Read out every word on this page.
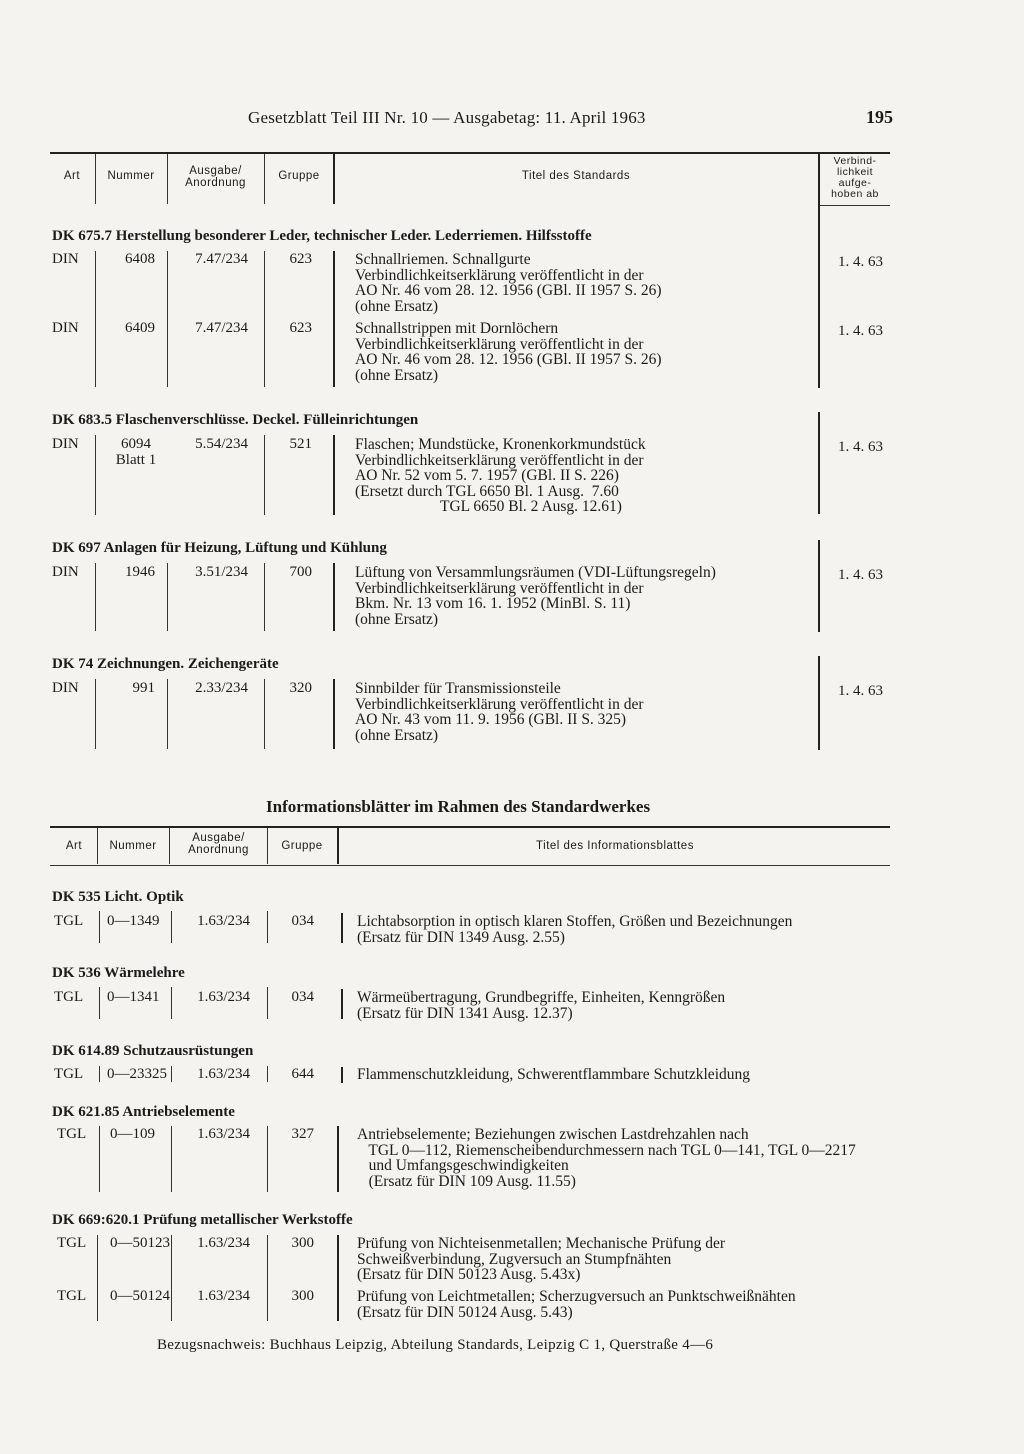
Gesetzblatt Teil III Nr. 10 — Ausgabetag: 11. April 1963	195
Art	Nummer	Ausgabe/
Anordnung
Gruppe	Titel des Standards
Verbind-
lichkeit
aufge-
hoben ab
DK 675.7 Herstellung besonderer Leder, technischer Leder. Lederriemen. Hilfsstoffe
DIN	6408	7.47/234	623	Schnallriemen. Schnallgurte
Verbindlichkeitserklärung veröffentlicht in der
AO Nr. 46 vom 28. 12. 1956 (GBl. II 1957 S. 26)
(ohne Ersatz)
1. 4. 63
DIN	6409	7.47/234	623	Schnallstrippen mit Dornlöchern
Verbindlichkeitserklärung veröffentlicht in der
AO Nr. 46 vom 28. 12. 1956 (GBl. II 1957 S. 26)
(ohne Ersatz)
1. 4. 63
DK 683.5 Flaschenverschlüsse. Deckel. Fülleinrichtungen
DIN	6094
Blatt 1
5.54/234	521	Flaschen; Mundstücke, Kronenkorkmundstück
Verbindlichkeitserklärung veröffentlicht in der
AO Nr. 52 vom 5. 7. 1957 (GBl. II S. 226)
(Ersetzt durch TGL 6650 Bl. 1 Ausg.  7.60
TGL 6650 Bl. 2 Ausg. 12.61)
1. 4. 63
DK 697 Anlagen für Heizung, Lüftung und Kühlung
DIN	1946	3.51/234	700	Lüftung von Versammlungsräumen (VDI-Lüftungsregeln)
Verbindlichkeitserklärung veröffentlicht in der
Bkm. Nr. 13 vom 16. 1. 1952 (MinBl. S. 11)
(ohne Ersatz)
1. 4. 63
DK 74 Zeichnungen. Zeichengeräte
DIN	991	2.33/234	320	Sinnbilder für Transmissionsteile
Verbindlichkeitserklärung veröffentlicht in der
AO Nr. 43 vom 11. 9. 1956 (GBl. II S. 325)
(ohne Ersatz)
1. 4. 63
Informationsblätter im Rahmen des Standardwerkes
Art	Nummer
Ausgabe/
Anordnung	Gruppe	Titel des Informationsblattes
DK 535 Licht. Optik
TGL 0—1349	1.63/234	034	Lichtabsorption in optisch klaren Stoffen, Größen und Bezeichnungen
(Ersatz für DIN 1349 Ausg. 2.55)
DK 536 Wärmelehre
TGL 0—1341	1.63/234	034	Wärmeübertragung, Grundbegriffe, Einheiten, Kenngrößen
(Ersatz für DIN 1341 Ausg. 12.37)
DK 614.89 Schutzausrüstungen
TGL 0—23325	1.63/234	644	Flammenschutzkleidung, Schwerentflammbare Schutzkleidung
DK 621.85 Antriebselemente
TGL 0—109	1.63/234	327	Antriebselemente; Beziehungen zwischen Lastdrehzahlen nach
TGL 0—112, Riemenscheibendurchmessern nach TGL 0—141, TGL 0—2217
und Umfangsgeschwindigkeiten
(Ersatz für DIN 109 Ausg. 11.55)
DK 669:620.1 Prüfung metallischer Werkstoffe
TGL 0—50123	1.63/234	300	Prüfung von Nichteisenmetallen; Mechanische Prüfung der
Schweißverbindung, Zugversuch an Stumpfnähten
(Ersatz für DIN 50123 Ausg. 5.43x)
TGL 0—50124	1.63/234	300	Prüfung von Leichtmetallen; Scherzugversuch an Punktschweißnähten
(Ersatz für DIN 50124 Ausg. 5.43)
Bezugsnachweis: Buchhaus Leipzig, Abteilung Standards, Leipzig C 1, Querstraße 4—6
